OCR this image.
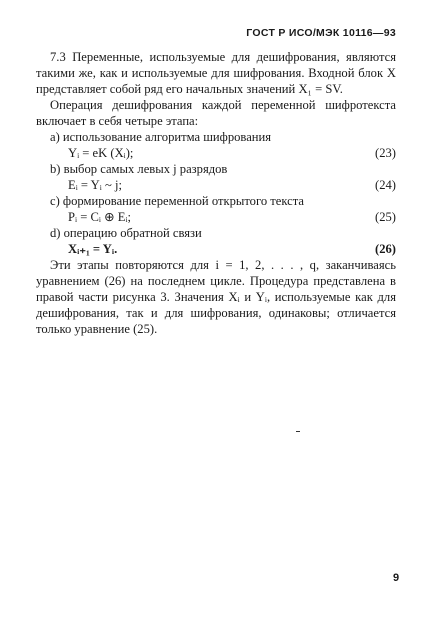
ГОСТ Р ИСО/МЭК 10116—93

7.3 Переменные, используемые для дешифрования, являются такими же, как и используемые для шифрования. Входной блок X представляет собой ряд его начальных значений X₁ = SV.

Операция дешифрования каждой переменной шифротекста включает в себя четыре этапа:

a) использование алгоритма шифрования

Yᵢ = eK (Xᵢ);	(23)

b) выбор самых левых j разрядов

Eᵢ = Yᵢ ~ j;	(24)

c) формирование переменной открытого текста

Pᵢ = Cᵢ ⊕ Eᵢ;	(25)

d) операцию обратной связи

Xᵢ₊₁ = Yᵢ.	(26)

Эти этапы повторяются для i = 1, 2, . . . , q, заканчиваясь уравнением (26) на последнем цикле. Процедура представлена в правой части рисунка 3. Значения Xᵢ и Yᵢ, используемые как для дешифрования, так и для шифрования, одинаковы; отличается только уравнение (25).

9
